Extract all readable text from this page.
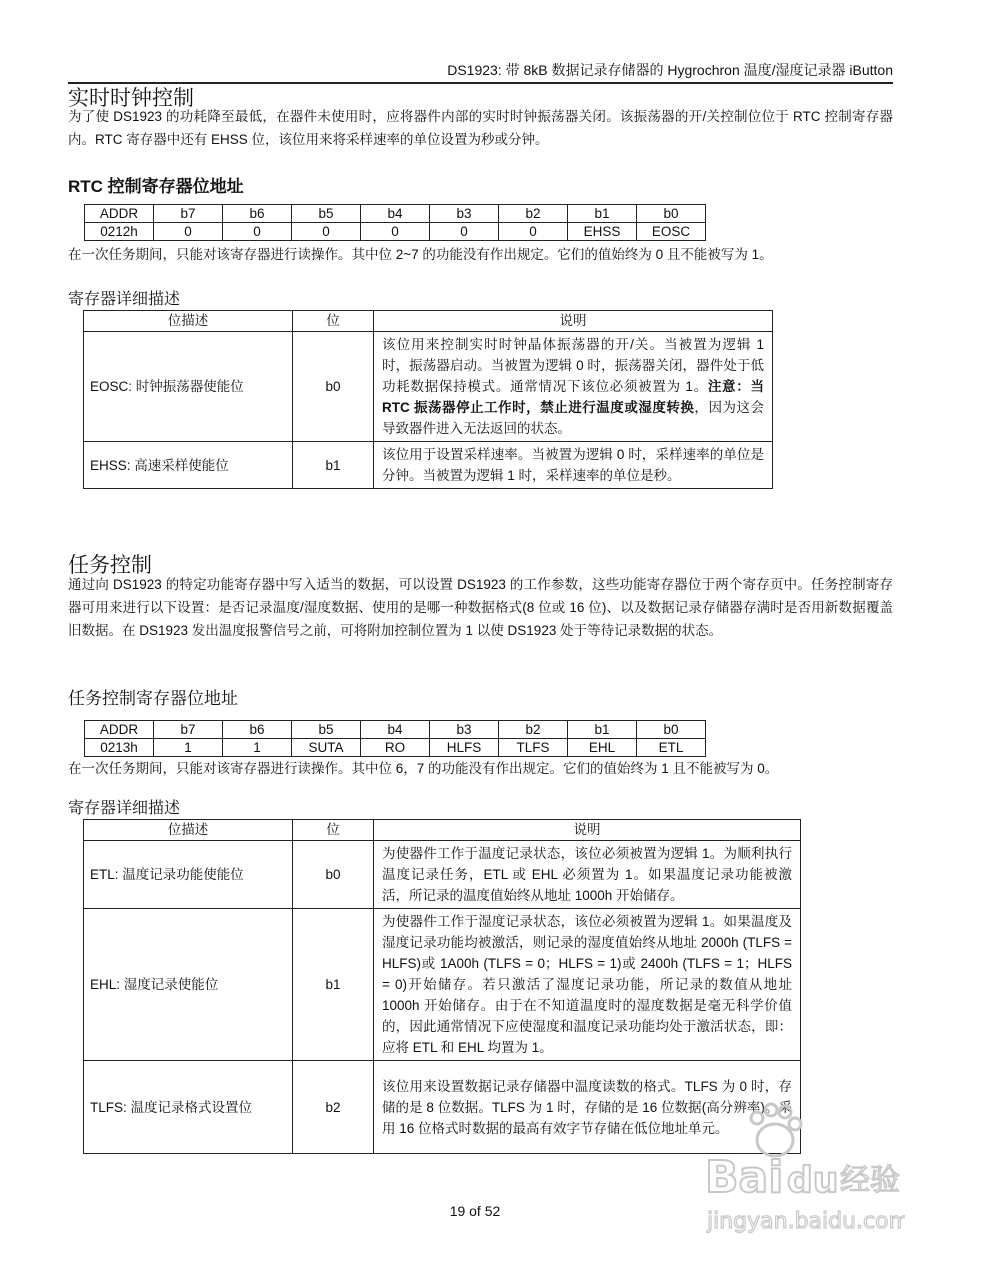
DS1923: 带 8kB 数据记录存储器的 Hygrochron 温度/湿度记录器 iButton
实时时钟控制
为了使 DS1923 的功耗降至最低，在器件未使用时，应将器件内部的实时时钟振荡器关闭。该振荡器的开/关控制位位于 RTC 控制寄存器内。RTC 寄存器中还有 EHSS 位，该位用来将采样速率的单位设置为秒或分钟。
RTC 控制寄存器位地址
ADDR	b7	b6	b5	b4	b3	b2	b1	b0
0212h	0	0	0	0	0	0	EHSS	EOSC
在一次任务期间，只能对该寄存器进行读操作。其中位 2~7 的功能没有作出规定。它们的值始终为 0 且不能被写为 1。
寄存器详细描述
位描述	位	说明
EOSC: 时钟振荡器使能位	b0	该位用来控制实时时钟晶体振荡器的开/关。当被置为逻辑 1 时，振荡器启动。当被置为逻辑 0 时，振荡器关闭，器件处于低功耗数据保持模式。通常情况下该位必须被置为 1。注意：当 RTC 振荡器停止工作时，禁止进行温度或湿度转换，因为这会导致器件进入无法返回的状态。
EHSS: 高速采样使能位	b1	该位用于设置采样速率。当被置为逻辑 0 时，采样速率的单位是分钟。当被置为逻辑 1 时，采样速率的单位是秒。
任务控制
通过向 DS1923 的特定功能寄存器中写入适当的数据，可以设置 DS1923 的工作参数，这些功能寄存器位于两个寄存页中。任务控制寄存器可用来进行以下设置：是否记录温度/湿度数据、使用的是哪一种数据格式(8 位或 16 位)、以及数据记录存储器存满时是否用新数据覆盖旧数据。在 DS1923 发出温度报警信号之前，可将附加控制位置为 1 以使 DS1923 处于等待记录数据的状态。
任务控制寄存器位地址
ADDR	b7	b6	b5	b4	b3	b2	b1	b0
0213h	1	1	SUTA	RO	HLFS	TLFS	EHL	ETL
在一次任务期间，只能对该寄存器进行读操作。其中位 6，7 的功能没有作出规定。它们的值始终为 1 且不能被写为 0。
寄存器详细描述
位描述	位	说明
ETL: 温度记录功能使能位	b0	为使器件工作于温度记录状态，该位必须被置为逻辑 1。为顺利执行温度记录任务，ETL 或 EHL 必须置为 1。如果温度记录功能被激活，所记录的温度值始终从地址 1000h 开始储存。
EHL: 湿度记录使能位	b1	为使器件工作于湿度记录状态，该位必须被置为逻辑 1。如果温度及湿度记录功能均被激活，则记录的湿度值始终从地址 2000h (TLFS = HLFS)或 1A00h (TLFS = 0；HLFS = 1)或 2400h (TLFS = 1；HLFS = 0)开始储存。若只激活了湿度记录功能，所记录的数值从地址 1000h 开始储存。由于在不知道温度时的湿度数据是毫无科学价值的，因此通常情况下应使湿度和温度记录功能均处于激活状态，即：应将 ETL 和 EHL 均置为 1。
TLFS: 温度记录格式设置位	b2	该位用来设置数据记录存储器中温度读数的格式。TLFS 为 0 时，存储的是 8 位数据。TLFS 为 1 时，存储的是 16 位数据(高分辨率)。采用 16 位格式时数据的最高有效字节存储在低位地址单元。
19 of 52
Bai du 经验
jingyan.baidu.com
